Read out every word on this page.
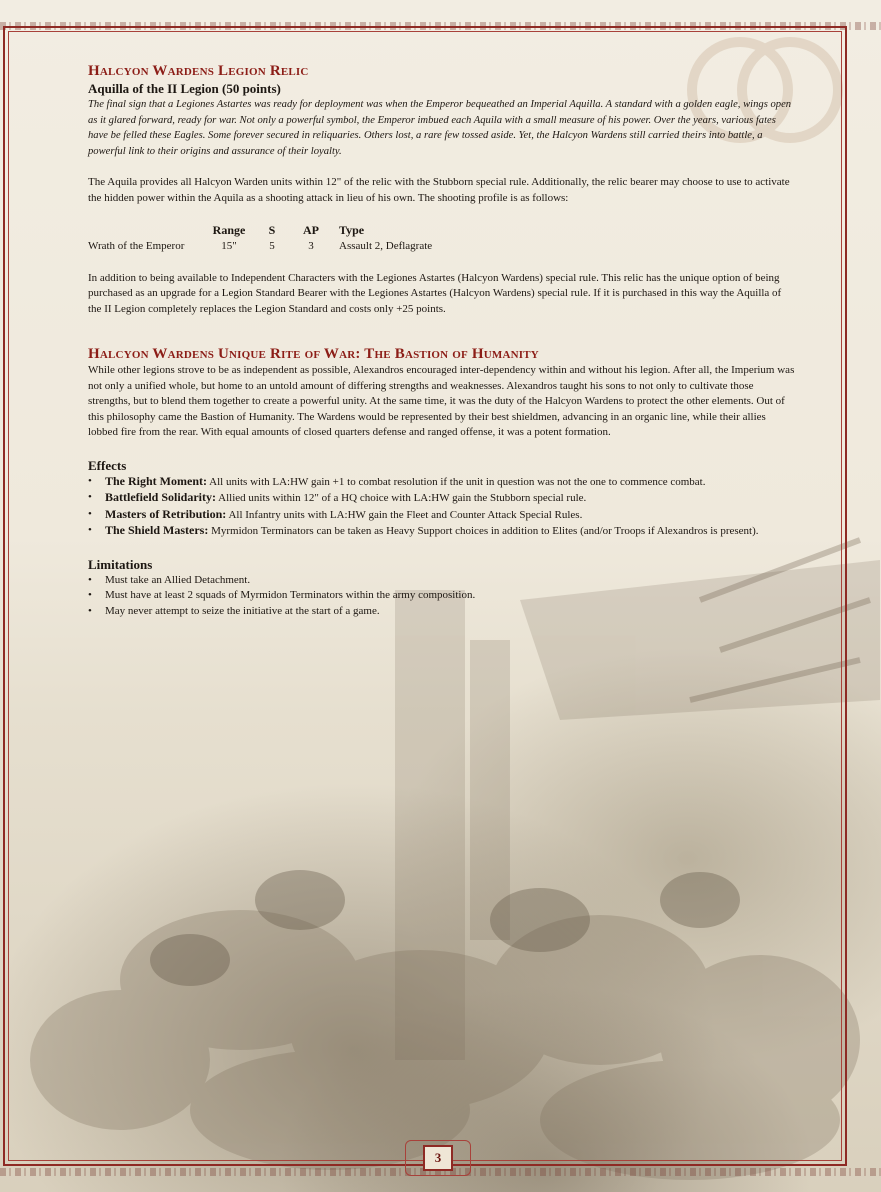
Halcyon Wardens Legion Relic
Aquilla of the II Legion (50 points)

The final sign that a Legiones Astartes was ready for deployment was when the Emperor bequeathed an Imperial Aquilla. A standard with a golden eagle, wings open as it glared forward, ready for war. Not only a powerful symbol, the Emperor imbued each Aquila with a small measure of his power. Over the years, various fates have be felled these Eagles. Some forever secured in reliquaries. Others lost, a rare few tossed aside. Yet, the Halcyon Wardens still carried theirs into battle, a powerful link to their origins and assurance of their loyalty.

The Aquila provides all Halcyon Warden units within 12" of the relic with the Stubborn special rule. Additionally, the relic bearer may choose to use to activate the hidden power within the Aquila as a shooting attack in lieu of his own. The shooting profile is as follows:

	Range	S	AP	Type
Wrath of the Emperor	15"	5	3	Assault 2, Deflagrate

In addition to being available to Independent Characters with the Legiones Astartes (Halcyon Wardens) special rule. This relic has the unique option of being purchased as an upgrade for a Legion Standard Bearer with the Legiones Astartes (Halcyon Wardens) special rule. If it is purchased in this way the Aquilla of the II Legion completely replaces the Legion Standard and costs only +25 points.

Halcyon Wardens Unique Rite of War: The Bastion of Humanity

While other legions strove to be as independent as possible, Alexandros encouraged inter-dependency within and without his legion. After all, the Imperium was not only a unified whole, but home to an untold amount of differing strengths and weaknesses. Alexandros taught his sons to not only to cultivate those strengths, but to blend them together to create a powerful unity. At the same time, it was the duty of the Halcyon Wardens to protect the other elements. Out of this philosophy came the Bastion of Humanity. The Wardens would be represented by their best shieldmen, advancing in an organic line, while their allies lobbed fire from the rear. With equal amounts of closed quarters defense and ranged offense, it was a potent formation.

Effects
• The Right Moment: All units with LA:HW gain +1 to combat resolution if the unit in question was not the one to commence combat.
• Battlefield Solidarity: Allied units within 12" of a HQ choice with LA:HW gain the Stubborn special rule.
• Masters of Retribution: All Infantry units with LA:HW gain the Fleet and Counter Attack Special Rules.
• The Shield Masters: Myrmidon Terminators can be taken as Heavy Support choices in addition to Elites (and/or Troops if Alexandros is present).
Limitations
• Must take an Allied Detachment.
• Must have at least 2 squads of Myrmidon Terminators within the army composition.
• May never attempt to seize the initiative at the start of a game.
3
